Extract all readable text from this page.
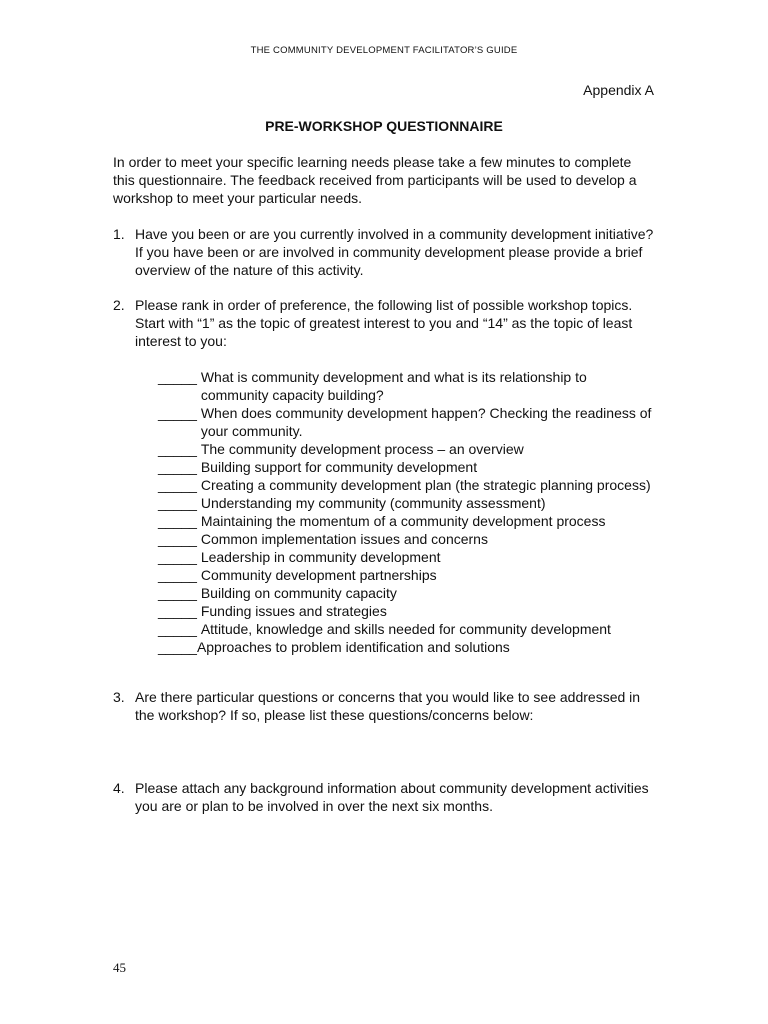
THE COMMUNITY DEVELOPMENT FACILITATOR’S GUIDE
Appendix A
PRE-WORKSHOP QUESTIONNAIRE

In order to meet your specific learning needs please take a few minutes to complete this questionnaire. The feedback received from participants will be used to develop a workshop to meet your particular needs.

1. Have you been or are you currently involved in a community development initiative? If you have been or are involved in community development please provide a brief overview of the nature of this activity.
2. Please rank in order of preference, the following list of possible workshop topics. Start with “1” as the topic of greatest interest to you and “14” as the topic of least interest to you:
_____ What is community development and what is its relationship to community capacity building?
_____ When does community development happen? Checking the readiness of your community.
_____ The community development process – an overview
_____ Building support for community development
_____ Creating a community development plan (the strategic planning process)
_____ Understanding my community (community assessment)
_____ Maintaining the momentum of a community development process
_____ Common implementation issues and concerns
_____ Leadership in community development
_____ Community development partnerships
_____ Building on community capacity
_____ Funding issues and strategies
_____ Attitude, knowledge and skills needed for community development
_____ Approaches to problem identification and solutions
3. Are there particular questions or concerns that you would like to see addressed in the workshop? If so, please list these questions/concerns below:
4. Please attach any background information about community development activities you are or plan to be involved in over the next six months.
45
